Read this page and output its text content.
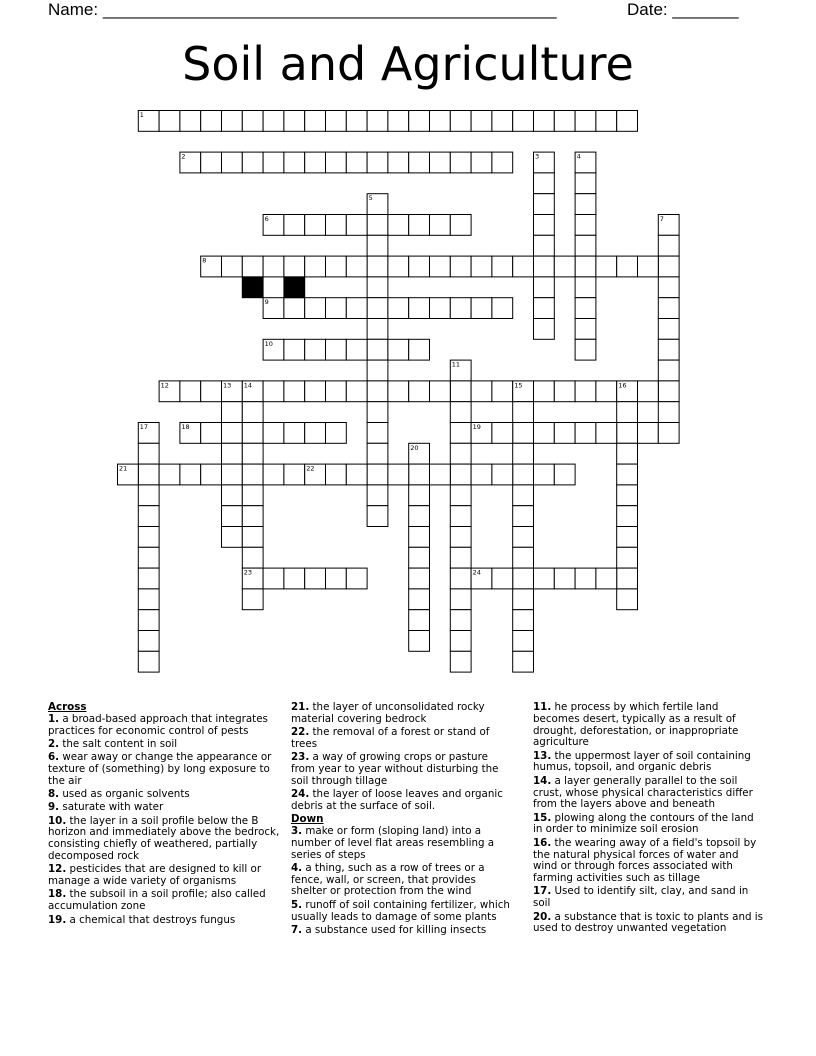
Name: ________________________________________________	Date: _______
Soil and Agriculture
1
2	3	4
5
6	7
8
9
10
11
12	13 14	15	16
17	18	19
20
21	22
23	24
Across
1. a broad-based approach that integrates practices for economic control of pests
2. the salt content in soil
6. wear away or change the appearance or texture of (something) by long exposure to the air
8. used as organic solvents
9. saturate with water
10. the layer in a soil profile below the B horizon and immediately above the bedrock, consisting chiefly of weathered, partially decomposed rock
12. pesticides that are designed to kill or manage a wide variety of organisms
18. the subsoil in a soil profile; also called accumulation zone
19. a chemical that destroys fungus
21. the layer of unconsolidated rocky material covering bedrock
22. the removal of a forest or stand of trees
23. a way of growing crops or pasture from year to year without disturbing the soil through tillage
24. the layer of loose leaves and organic debris at the surface of soil.
Down
3. make or form (sloping land) into a number of level flat areas resembling a series of steps
4. a thing, such as a row of trees or a fence, wall, or screen, that provides shelter or protection from the wind
5. runoff of soil containing fertilizer, which usually leads to damage of some plants
7. a substance used for killing insects
11. he process by which fertile land becomes desert, typically as a result of drought, deforestation, or inappropriate agriculture
13. the uppermost layer of soil containing humus, topsoil, and organic debris
14. a layer generally parallel to the soil crust, whose physical characteristics differ from the layers above and beneath
15. plowing along the contours of the land in order to minimize soil erosion
16. the wearing away of a field's topsoil by the natural physical forces of water and wind or through forces associated with farming activities such as tillage
17. Used to identify silt, clay, and sand in soil
20. a substance that is toxic to plants and is used to destroy unwanted vegetation
